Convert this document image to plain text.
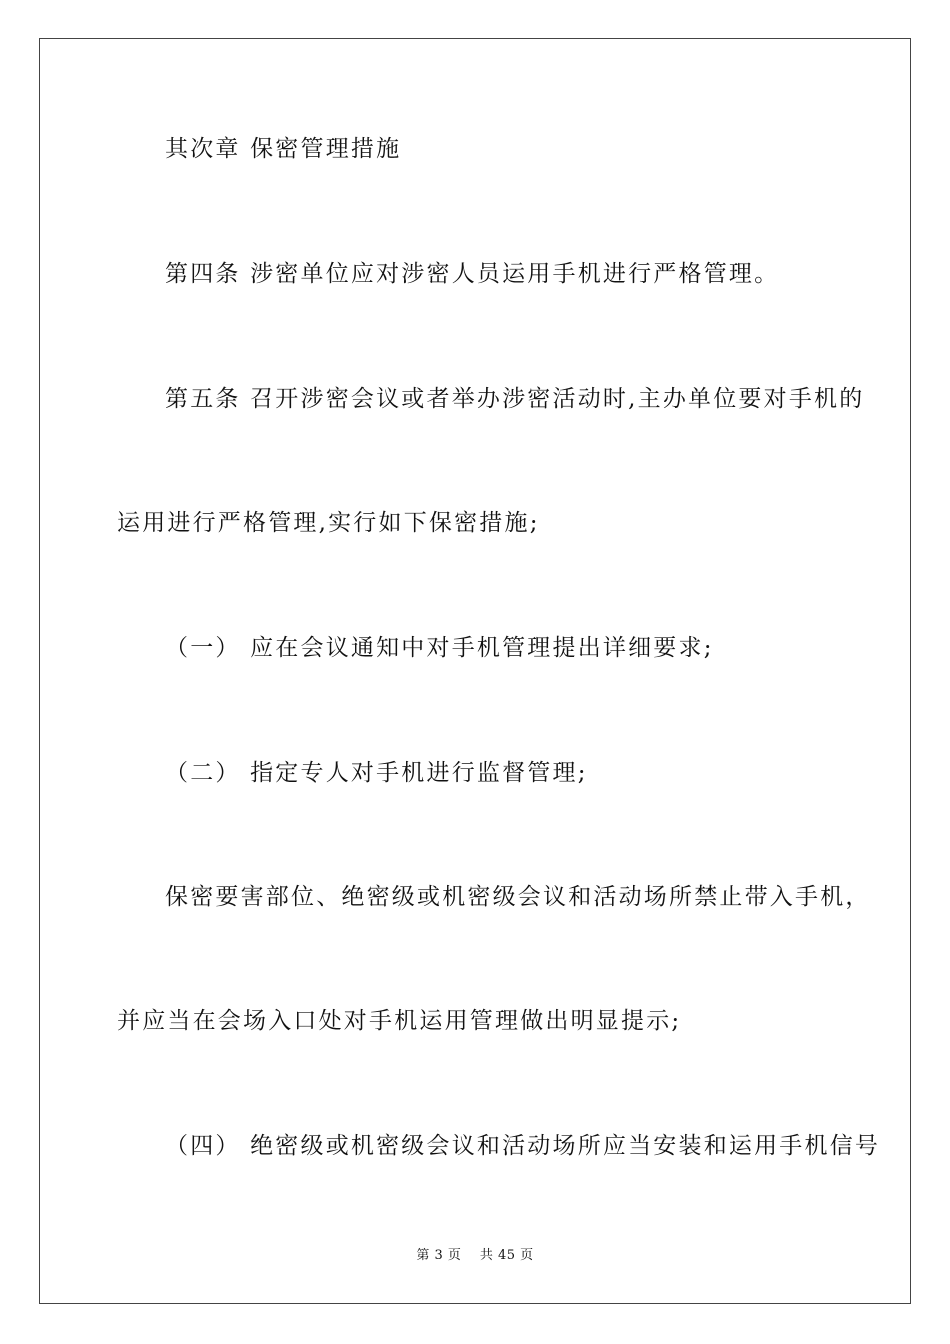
其次章 保密管理措施
第四条 涉密单位应对涉密人员运用手机进行严格管理。
第五条 召开涉密会议或者举办涉密活动时,主办单位要对手机的
运用进行严格管理,实行如下保密措施;
（一） 应在会议通知中对手机管理提出详细要求;
（二） 指定专人对手机进行监督管理;
保密要害部位、绝密级或机密级会议和活动场所禁止带入手机，
并应当在会场入口处对手机运用管理做出明显提示;
（四） 绝密级或机密级会议和活动场所应当安装和运用手机信号
第 3 页    共 45 页
